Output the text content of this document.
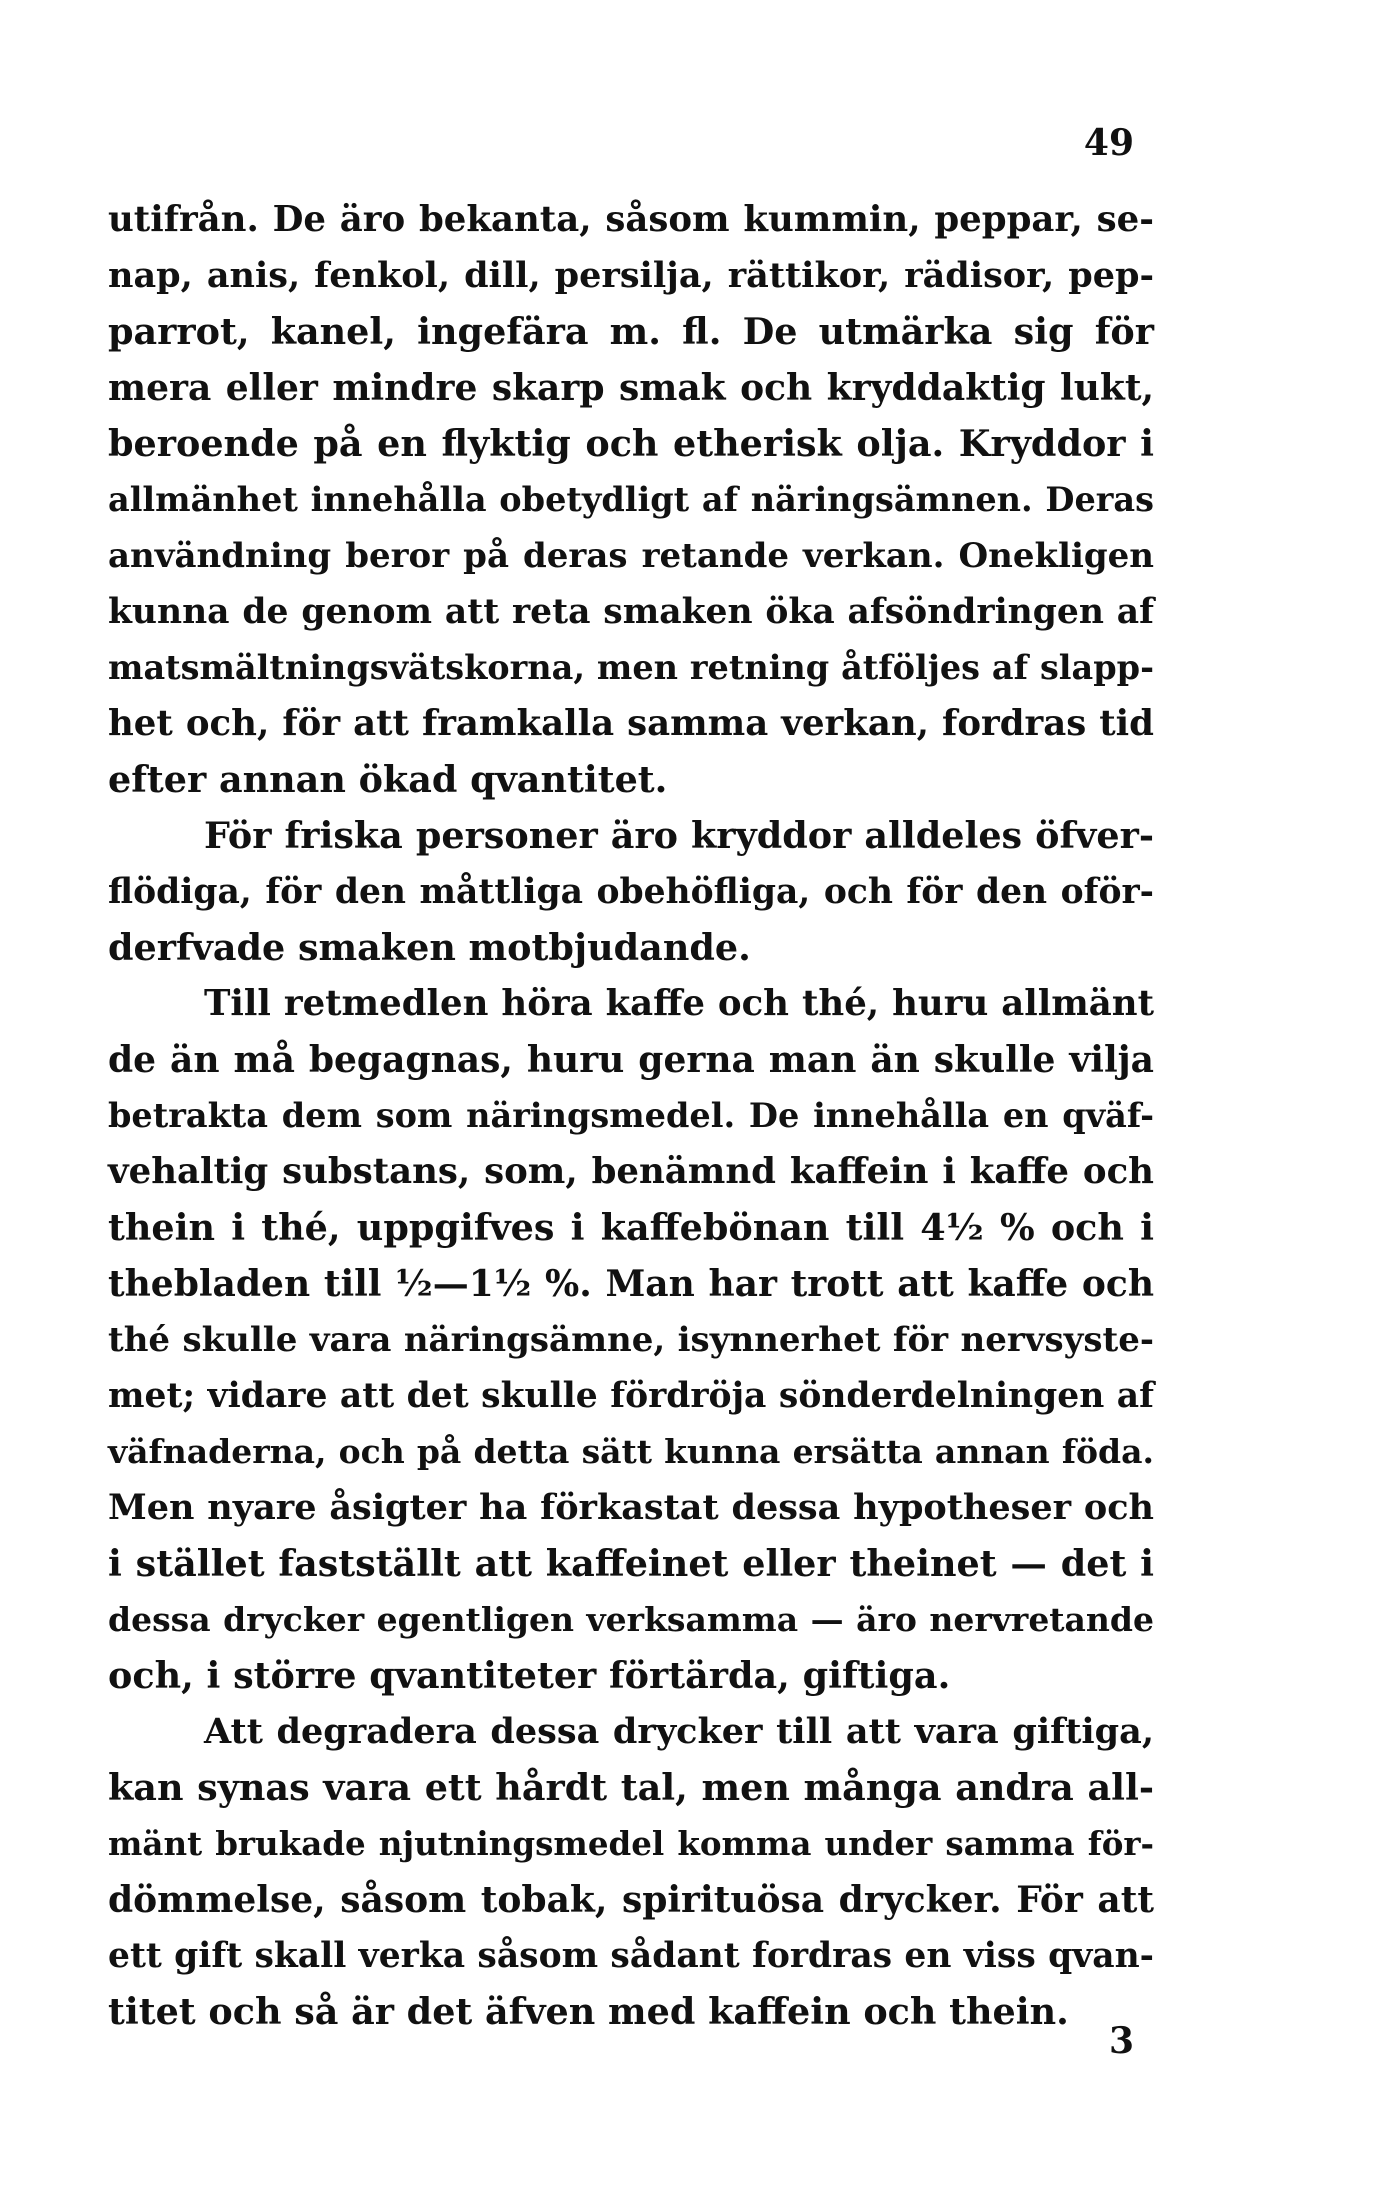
49
utifrån. De äro bekanta, såsom kummin, peppar, se-
nap, anis, fenkol, dill, persilja, rättikor, rädisor, pep-
parrot, kanel, ingefära m. fl. De utmärka sig för
mera eller mindre skarp smak och kryddaktig lukt,
beroende på en flyktig och etherisk olja. Kryddor i
allmänhet innehålla obetydligt af näringsämnen. Deras
användning beror på deras retande verkan. Onekligen
kunna de genom att reta smaken öka afsöndringen af
matsmältningsvätskorna, men retning åtföljes af slapp-
het och, för att framkalla samma verkan, fordras tid
efter annan ökad qvantitet.
För friska personer äro kryddor alldeles öfver-
flödiga, för den måttliga obehöfliga, och för den oför-
derfvade smaken motbjudande.
Till retmedlen höra kaffe och thé, huru allmänt
de än må begagnas, huru gerna man än skulle vilja
betrakta dem som näringsmedel. De innehålla en qväf-
vehaltig substans, som, benämnd kaffein i kaffe och
thein i thé, uppgifves i kaffebönan till 4½ % och i
thebladen till ½—1½ %. Man har trott att kaffe och
thé skulle vara näringsämne, isynnerhet för nervsyste-
met; vidare att det skulle fördröja sönderdelningen af
väfnaderna, och på detta sätt kunna ersätta annan föda.
Men nyare åsigter ha förkastat dessa hypotheser och
i stället fastställt att kaffeinet eller theinet — det i
dessa drycker egentligen verksamma — äro nervretande
och, i större qvantiteter förtärda, giftiga.
Att degradera dessa drycker till att vara giftiga,
kan synas vara ett hårdt tal, men många andra all-
mänt brukade njutningsmedel komma under samma för-
dömmelse, såsom tobak, spirituösa drycker. För att
ett gift skall verka såsom sådant fordras en viss qvan-
titet och så är det äfven med kaffein och thein.
3
